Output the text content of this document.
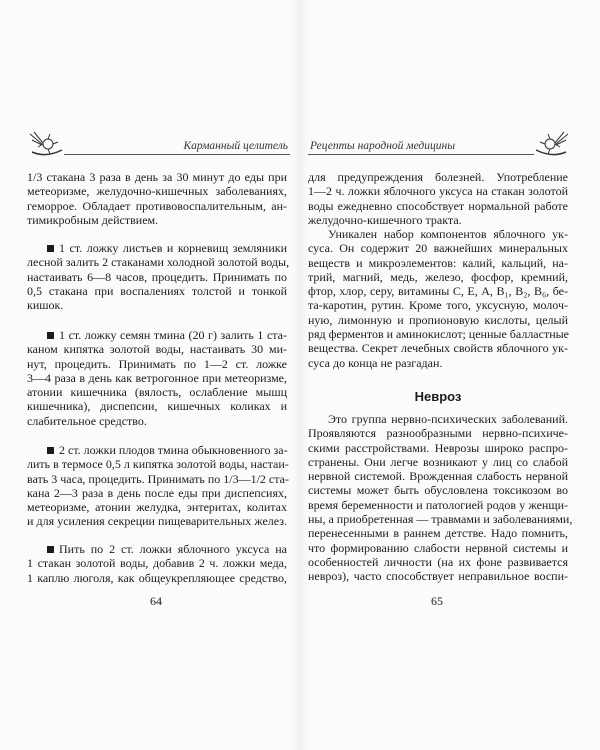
Карманный целитель
1/3 стакана 3 раза в день за 30 минут до еды при
метеоризме, желудочно-кишечных заболеваниях,
геморрое. Обладает противовоспалительным, ан-
тимикробным действием.
1 ст. ложку листьев и корневищ земляники
лесной залить 2 стаканами холодной золотой воды,
настаивать 6—8 часов, процедить. Принимать по
0,5 стакана при воспалениях толстой и тонкой
кишок.
1 ст. ложку семян тмина (20 г) залить 1 ста-
каном кипятка золотой воды, настаивать 30 ми-
нут, процедить. Принимать по 1—2 ст. ложке
3—4 раза в день как ветрогонное при метеоризме,
атонии кишечника (вялость, ослабление мышц
кишечника), диспепсии, кишечных коликах и
слабительное средство.
2 ст. ложки плодов тмина обыкновенного за-
лить в термосе 0,5 л кипятка золотой воды, настаи-
вать 3 часа, процедить. Принимать по 1/3—1/2 ста-
кана 2—3 раза в день после еды при диспепсиях,
метеоризме, атонии желудка, энтеритах, колитах
и для усиления секреции пищеварительных желез.
Пить по 2 ст. ложки яблочного уксуса на
1 стакан золотой воды, добавив 2 ч. ложки меда,
1 каплю люголя, как общеукрепляющее средство,
64
Рецепты народной медицины
для предупреждения болезней. Употребление
1—2 ч. ложки яблочного уксуса на стакан золотой
воды ежедневно способствует нормальной работе
желудочно-кишечного тракта.
Уникален набор компонентов яблочного ук-
суса. Он содержит 20 важнейших минеральных
веществ и микроэлементов: калий, кальций, на-
трий, магний, медь, железо, фосфор, кремний,
фтор, хлор, серу, витамины С, Е, А, B₁, B₂, B₆, бе-
та-каротин, рутин. Кроме того, уксусную, молоч-
ную, лимонную и пропионовую кислоты, целый
ряд ферментов и аминокислот; ценные балластные
вещества. Секрет лечебных свойств яблочного ук-
суса до конца не разгадан.
Невроз
Это группа нервно-психических заболеваний.
Проявляются разнообразными нервно-психиче-
скими расстройствами. Неврозы широко распро-
странены. Они легче возникают у лиц со слабой
нервной системой. Врожденная слабость нервной
системы может быть обусловлена токсикозом во
время беременности и патологией родов у женщи-
ны, а приобретенная — травмами и заболеваниями,
перенесенными в раннем детстве. Надо помнить,
что формированию слабости нервной системы и
особенностей личности (на их фоне развивается
невроз), часто способствует неправильное воспи-
65
